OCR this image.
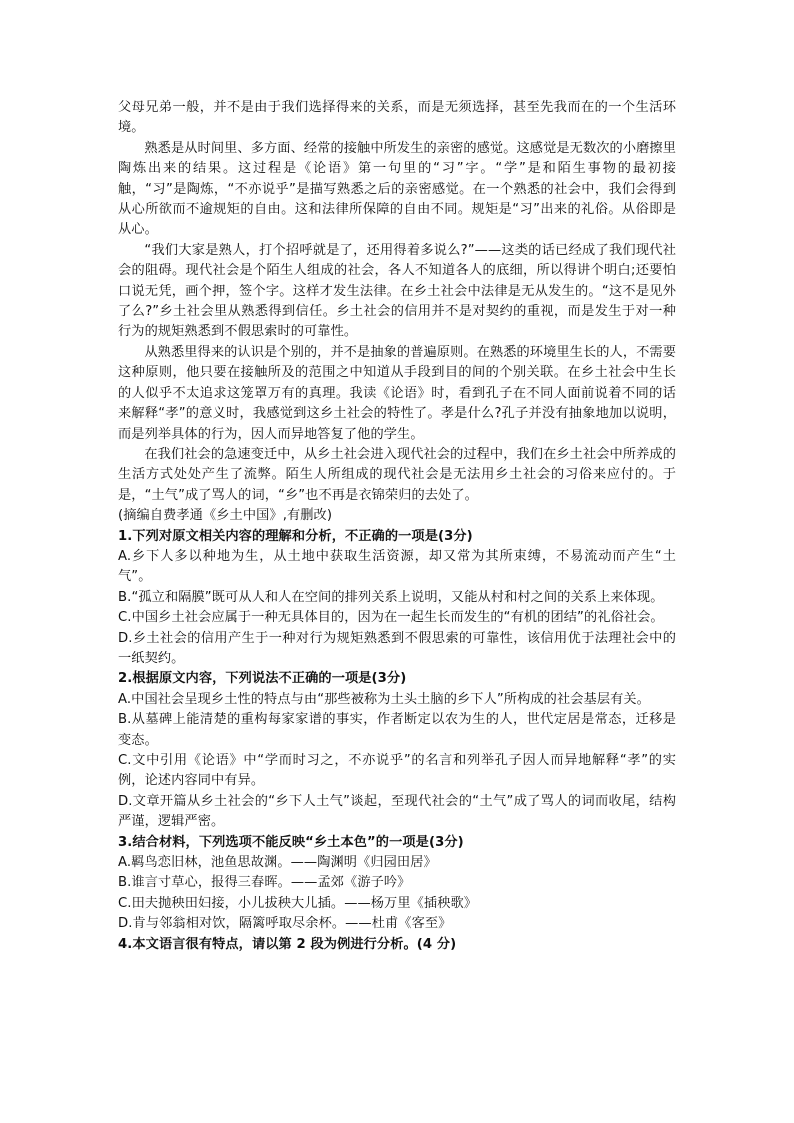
父母兄弟一般，并不是由于我们选择得来的关系，而是无须选择，甚至先我而在的一个生活环境。

熟悉是从时间里、多方面、经常的接触中所发生的亲密的感觉。这感觉是无数次的小磨擦里陶炼出来的结果。这过程是《论语》第一句里的“习”字。“学”是和陌生事物的最初接触，“习”是陶炼，“不亦说乎”是描写熟悉之后的亲密感觉。在一个熟悉的社会中，我们会得到从心所欲而不逾规矩的自由。这和法律所保障的自由不同。规矩是“习”出来的礼俗。从俗即是从心。

“我们大家是熟人，打个招呼就是了，还用得着多说么?”——这类的话已经成了我们现代社会的阻碍。现代社会是个陌生人组成的社会，各人不知道各人的底细，所以得讲个明白;还要怕口说无凭，画个押，签个字。这样才发生法律。在乡土社会中法律是无从发生的。“这不是见外了么?”乡土社会里从熟悉得到信任。乡土社会的信用并不是对契约的重视，而是发生于对一种行为的规矩熟悉到不假思索时的可靠性。

从熟悉里得来的认识是个别的，并不是抽象的普遍原则。在熟悉的环境里生长的人，不需要这种原则，他只要在接触所及的范围之中知道从手段到目的间的个别关联。在乡土社会中生长的人似乎不太追求这笼罩万有的真理。我读《论语》时，看到孔子在不同人面前说着不同的话来解释“孝”的意义时，我感觉到这乡土社会的特性了。孝是什么?孔子并没有抽象地加以说明，而是列举具体的行为，因人而异地答复了他的学生。

在我们社会的急速变迁中，从乡土社会进入现代社会的过程中，我们在乡土社会中所养成的生活方式处处产生了流弊。陌生人所组成的现代社会是无法用乡土社会的习俗来应付的。于是，“土气”成了骂人的词，“乡”也不再是衣锦荣归的去处了。

(摘编自费孝通《乡土中国》,有删改)

1.下列对原文相关内容的理解和分析，不正确的一项是(3分)

A.乡下人多以种地为生，从土地中获取生活资源，却又常为其所束缚，不易流动而产生“土气”。

B.“孤立和隔膜”既可从人和人在空间的排列关系上说明，又能从村和村之间的关系上来体现。

C.中国乡土社会应属于一种无具体目的，因为在一起生长而发生的“有机的团结”的礼俗社会。

D.乡土社会的信用产生于一种对行为规矩熟悉到不假思索的可靠性，该信用优于法理社会中的一纸契约。

2.根据原文内容，下列说法不正确的一项是(3分)

A.中国社会呈现乡土性的特点与由“那些被称为土头土脑的乡下人”所构成的社会基层有关。

B.从墓碑上能清楚的重构每家家谱的事实，作者断定以农为生的人，世代定居是常态，迁移是变态。

C.文中引用《论语》中“学而时习之，不亦说乎”的名言和列举孔子因人而异地解释“孝”的实例，论述内容同中有异。

D.文章开篇从乡土社会的“乡下人土气”谈起，至现代社会的“土气”成了骂人的词而收尾，结构严谨，逻辑严密。

3.结合材料，下列选项不能反映“乡土本色”的一项是(3分)

A.羁鸟恋旧林，池鱼思故渊。——陶渊明《归园田居》

B.谁言寸草心，报得三春晖。——孟郊《游子吟》

C.田夫抛秧田妇接，小儿拔秧大儿插。——杨万里《插秧歌》

D.肯与邻翁相对饮，隔篱呼取尽余杯。——杜甫《客至》

4.本文语言很有特点，请以第 2 段为例进行分析。(4 分)
